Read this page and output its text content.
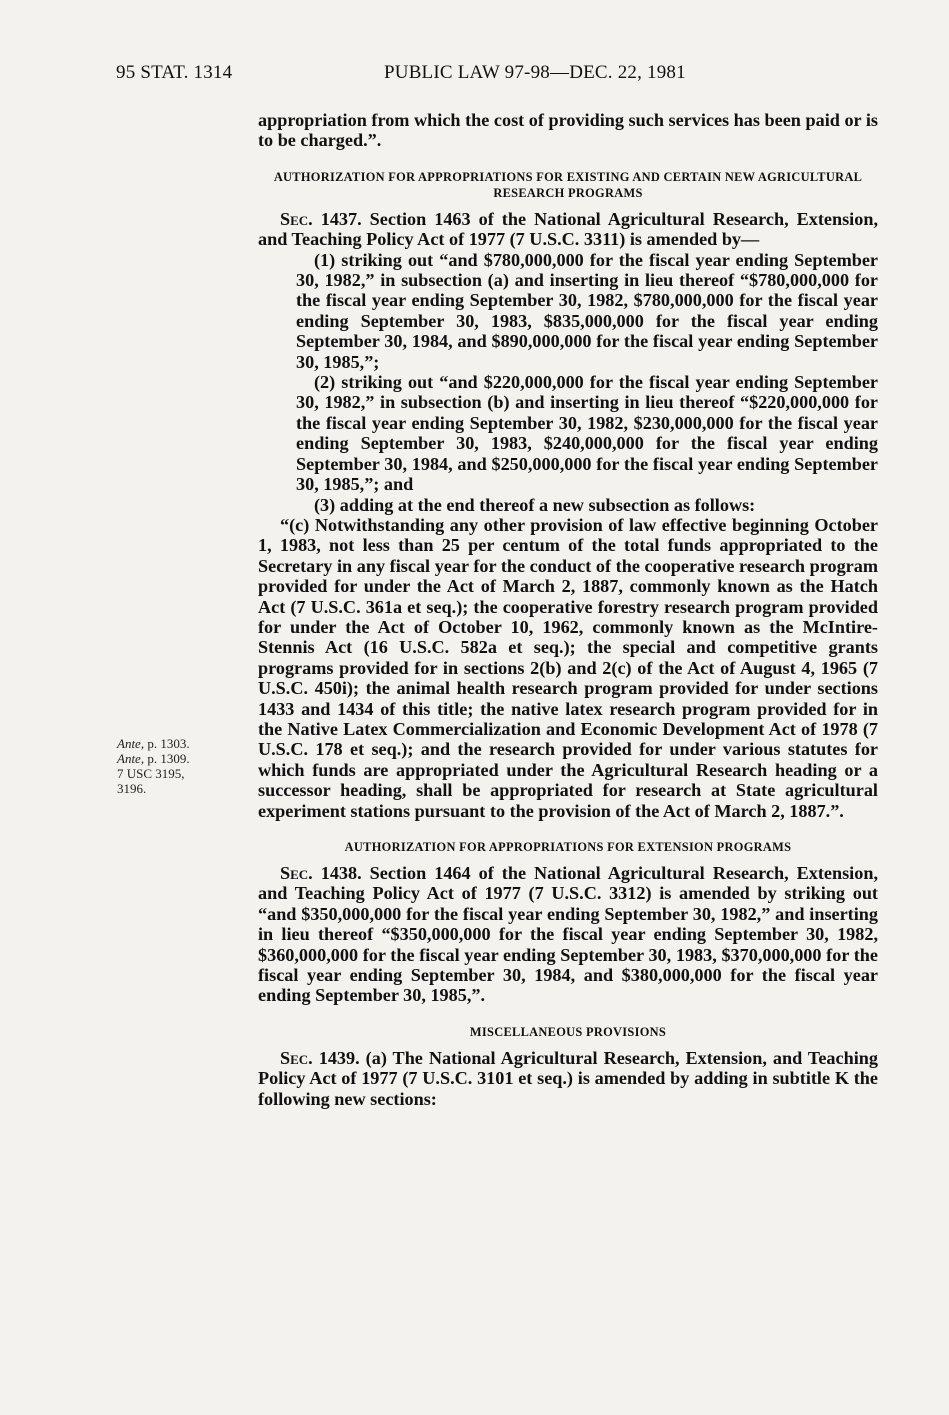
95 STAT. 1314	PUBLIC LAW 97-98—DEC. 22, 1981
Ante, p. 1303.
Ante, p. 1309.
7 USC 3195,
3196.

appropriation from which the cost of providing such services has been paid or is to be charged.”.

AUTHORIZATION FOR APPROPRIATIONS FOR EXISTING AND CERTAIN NEW AGRICULTURAL RESEARCH PROGRAMS

Sec. 1437. Section 1463 of the National Agricultural Research, Extension, and Teaching Policy Act of 1977 (7 U.S.C. 3311) is amended by—

(1) striking out “and $780,000,000 for the fiscal year ending September 30, 1982,” in subsection (a) and inserting in lieu thereof “$780,000,000 for the fiscal year ending September 30, 1982, $780,000,000 for the fiscal year ending September 30, 1983, $835,000,000 for the fiscal year ending September 30, 1984, and $890,000,000 for the fiscal year ending September 30, 1985,”;

(2) striking out “and $220,000,000 for the fiscal year ending September 30, 1982,” in subsection (b) and inserting in lieu thereof “$220,000,000 for the fiscal year ending September 30, 1982, $230,000,000 for the fiscal year ending September 30, 1983, $240,000,000 for the fiscal year ending September 30, 1984, and $250,000,000 for the fiscal year ending September 30, 1985,”; and

(3) adding at the end thereof a new subsection as follows:

“(c) Notwithstanding any other provision of law effective beginning October 1, 1983, not less than 25 per centum of the total funds appropriated to the Secretary in any fiscal year for the conduct of the cooperative research program provided for under the Act of March 2, 1887, commonly known as the Hatch Act (7 U.S.C. 361a et seq.); the cooperative forestry research program provided for under the Act of October 10, 1962, commonly known as the McIntire-Stennis Act (16 U.S.C. 582a et seq.); the special and competitive grants programs provided for in sections 2(b) and 2(c) of the Act of August 4, 1965 (7 U.S.C. 450i); the animal health research program provided for under sections 1433 and 1434 of this title; the native latex research program provided for in the Native Latex Commercialization and Economic Development Act of 1978 (7 U.S.C. 178 et seq.); and the research provided for under various statutes for which funds are appropriated under the Agricultural Research heading or a successor heading, shall be appropriated for research at State agricultural experiment stations pursuant to the provision of the Act of March 2, 1887.”.

AUTHORIZATION FOR APPROPRIATIONS FOR EXTENSION PROGRAMS

Sec. 1438. Section 1464 of the National Agricultural Research, Extension, and Teaching Policy Act of 1977 (7 U.S.C. 3312) is amended by striking out “and $350,000,000 for the fiscal year ending September 30, 1982,” and inserting in lieu thereof “$350,000,000 for the fiscal year ending September 30, 1982, $360,000,000 for the fiscal year ending September 30, 1983, $370,000,000 for the fiscal year ending September 30, 1984, and $380,000,000 for the fiscal year ending September 30, 1985,”.

MISCELLANEOUS PROVISIONS

Sec. 1439. (a) The National Agricultural Research, Extension, and Teaching Policy Act of 1977 (7 U.S.C. 3101 et seq.) is amended by adding in subtitle K the following new sections:
